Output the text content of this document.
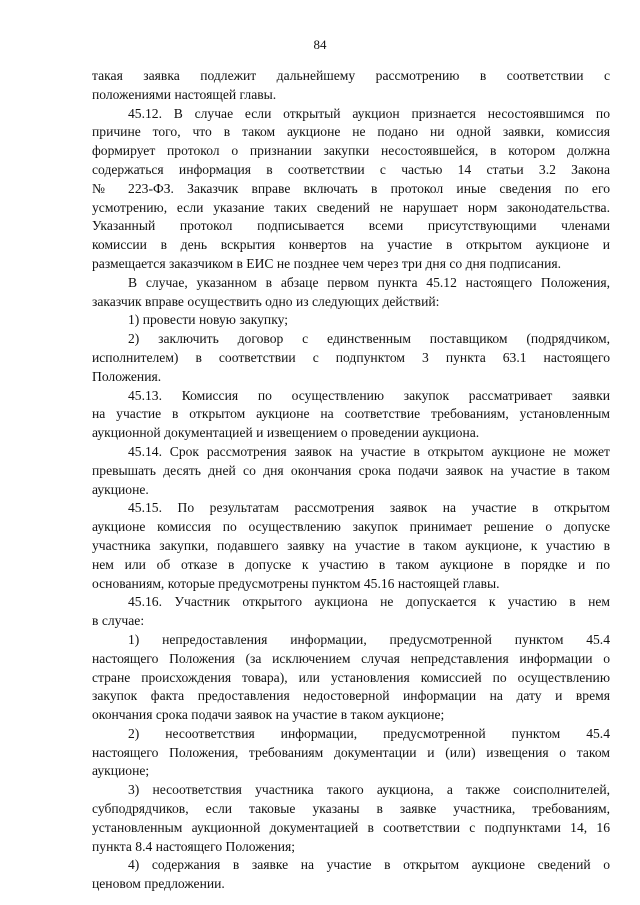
84
такая заявка подлежит дальнейшему рассмотрению в соответствии с
положениями настоящей главы.
45.12. В случае если открытый аукцион признается несостоявшимся по
причине того, что в таком аукционе не подано ни одной заявки, комиссия
формирует протокол о признании закупки несостоявшейся, в котором должна
содержаться информация в соответствии с частью 14 статьи 3.2 Закона
№ 223-ФЗ. Заказчик вправе включать в протокол иные сведения по его
усмотрению, если указание таких сведений не нарушает норм законодательства.
Указанный протокол подписывается всеми присутствующими членами
комиссии в день вскрытия конвертов на участие в открытом аукционе и
размещается заказчиком в ЕИС не позднее чем через три дня со дня подписания.
В случае, указанном в абзаце первом пункта 45.12 настоящего Положения,
заказчик вправе осуществить одно из следующих действий:
1) провести новую закупку;
2) заключить договор с единственным поставщиком (подрядчиком,
исполнителем) в соответствии с подпунктом 3 пункта 63.1 настоящего
Положения.
45.13. Комиссия по осуществлению закупок рассматривает заявки
на участие в открытом аукционе на соответствие требованиям, установленным
аукционной документацией и извещением о проведении аукциона.
45.14. Срок рассмотрения заявок на участие в открытом аукционе не может
превышать десять дней со дня окончания срока подачи заявок на участие в таком
аукционе.
45.15. По результатам рассмотрения заявок на участие в открытом
аукционе комиссия по осуществлению закупок принимает решение о допуске
участника закупки, подавшего заявку на участие в таком аукционе, к участию в
нем или об отказе в допуске к участию в таком аукционе в порядке и по
основаниям, которые предусмотрены пунктом 45.16 настоящей главы.
45.16. Участник открытого аукциона не допускается к участию в нем
в случае:
1) непредоставления информации, предусмотренной пунктом 45.4
настоящего Положения (за исключением случая непредставления информации о
стране происхождения товара), или установления комиссией по осуществлению
закупок факта предоставления недостоверной информации на дату и время
окончания срока подачи заявок на участие в таком аукционе;
2) несоответствия информации, предусмотренной пунктом 45.4
настоящего Положения, требованиям документации и (или) извещения о таком
аукционе;
3) несоответствия участника такого аукциона, а также соисполнителей,
субподрядчиков, если таковые указаны в заявке участника, требованиям,
установленным аукционной документацией в соответствии с подпунктами 14, 16
пункта 8.4 настоящего Положения;
4) содержания в заявке на участие в открытом аукционе сведений о
ценовом предложении.
